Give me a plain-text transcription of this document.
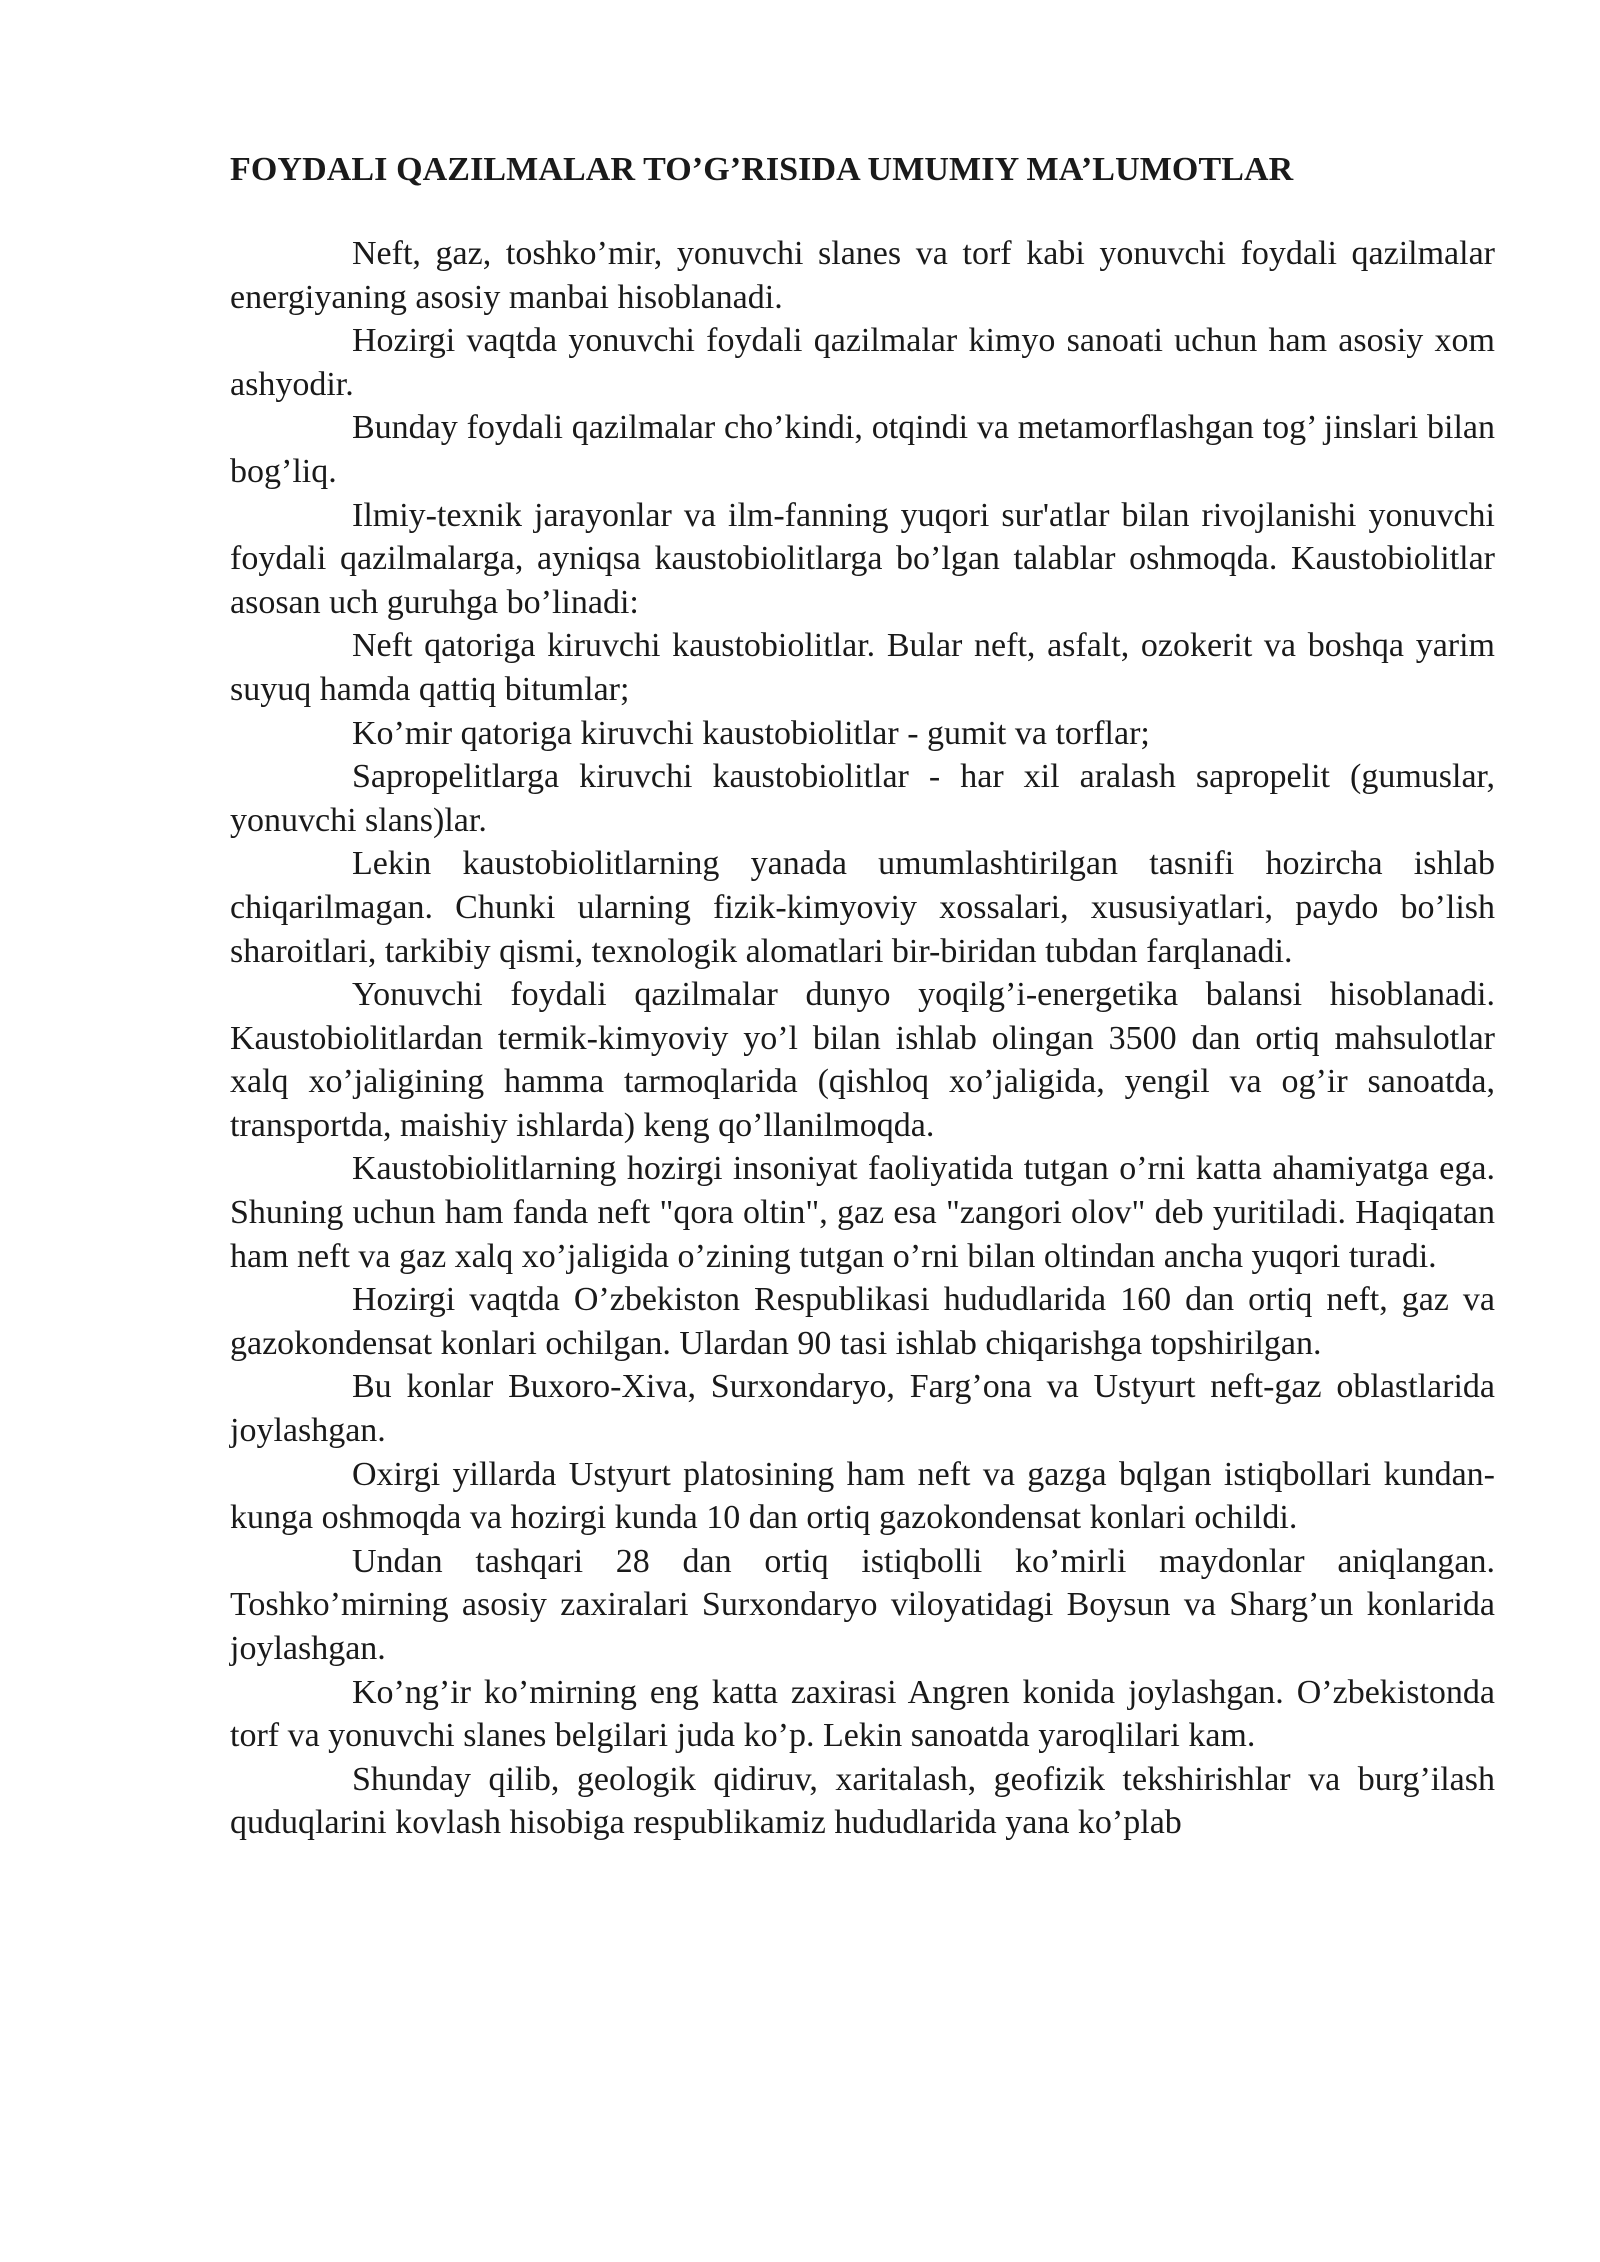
FOYDALI QAZILMALAR TO’G’RISIDA UMUMIY MA’LUMOTLAR

Neft, gaz, toshko’mir, yonuvchi slanes va torf kabi yonuvchi foydali qazilmalar energiyaning asosiy manbai hisoblanadi.

Hozirgi vaqtda yonuvchi foydali qazilmalar kimyo sanoati uchun ham asosiy xom ashyodir.

Bunday foydali qazilmalar cho’kindi, otqindi va metamorflashgan tog’ jinslari bilan bog’liq.

Ilmiy-texnik jarayonlar va ilm-fanning yuqori sur'atlar bilan rivojlanishi yonuvchi foydali qazilmalarga, ayniqsa kaustobiolitlarga bo’lgan talablar oshmoqda. Kaustobiolitlar asosan uch guruhga bo’linadi:

Neft qatoriga kiruvchi kaustobiolitlar. Bular neft, asfalt, ozokerit va boshqa yarim suyuq hamda qattiq bitumlar;

Ko’mir qatoriga kiruvchi kaustobiolitlar - gumit va torflar;

Sapropelitlarga kiruvchi kaustobiolitlar - har xil aralash sapropelit (gumuslar, yonuvchi slans)lar.

Lekin kaustobiolitlarning yanada umumlashtirilgan tasnifi hozircha ishlab chiqarilmagan. Chunki ularning fizik-kimyoviy xossalari, xususiyatlari, paydo bo’lish sharoitlari, tarkibiy qismi, texnologik alomatlari bir-biridan tubdan farqlanadi.

Yonuvchi foydali qazilmalar dunyo yoqilg’i-energetika balansi hisoblanadi. Kaustobiolitlardan termik-kimyoviy yo’l bilan ishlab olingan 3500 dan ortiq mahsulotlar xalq xo’jaligining hamma tarmoqlarida (qishloq xo’jaligida, yengil va og’ir sanoatda, transportda, maishiy ishlarda) keng qo’llanilmoqda.

Kaustobiolitlarning hozirgi insoniyat faoliyatida tutgan o’rni katta ahamiyatga ega. Shuning uchun ham fanda neft "qora oltin", gaz esa "zangori olov" deb yuritiladi. Haqiqatan ham neft va gaz xalq xo’jaligida o’zining tutgan o’rni bilan oltindan ancha yuqori turadi.

Hozirgi vaqtda O’zbekiston Respublikasi hududlarida 160 dan ortiq neft, gaz va gazokondensat konlari ochilgan. Ulardan 90 tasi ishlab chiqarishga topshirilgan.

Bu konlar Buxoro-Xiva, Surxondaryo, Farg’ona va Ustyurt neft-gaz oblastlarida joylashgan.

Oxirgi yillarda Ustyurt platosining ham neft va gazga bqlgan istiqbollari kundan-kunga oshmoqda va hozirgi kunda 10 dan ortiq gazokondensat konlari ochildi.

Undan tashqari 28 dan ortiq istiqbolli ko’mirli maydonlar aniqlangan. Toshko’mirning asosiy zaxiralari Surxondaryo viloyatidagi Boysun va Sharg’un konlarida joylashgan.

Ko’ng’ir ko’mirning eng katta zaxirasi Angren konida joylashgan. O’zbekistonda torf va yonuvchi slanes belgilari juda ko’p. Lekin sanoatda yaroqlilari kam.

Shunday qilib, geologik qidiruv, xaritalash, geofizik tekshirishlar va burg’ilash quduqlarini kovlash hisobiga respublikamiz hududlarida yana ko’plab
